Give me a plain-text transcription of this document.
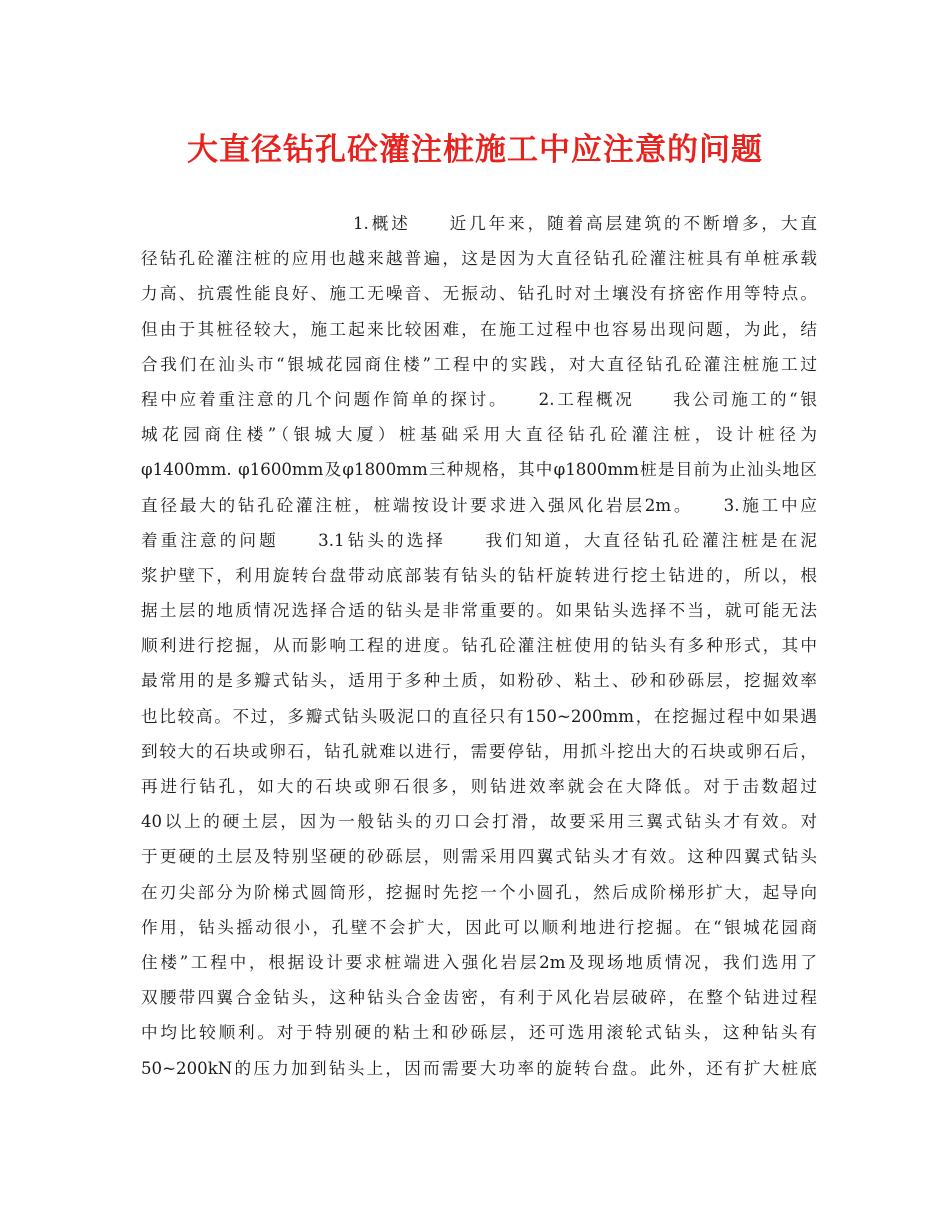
大直径钻孔砼灌注桩施工中应注意的问题
1.概述　　近几年来，随着高层建筑的不断增多，大直
径钻孔砼灌注桩的应用也越来越普遍，这是因为大直径钻孔砼灌注桩具有单桩承载
力高、抗震性能良好、施工无噪音、无振动、钻孔时对土壤没有挤密作用等特点。
但由于其桩径较大，施工起来比较困难，在施工过程中也容易出现问题，为此，结
合我们在汕头市“银城花园商住楼”工程中的实践，对大直径钻孔砼灌注桩施工过
程中应着重注意的几个问题作简单的探讨。　　2.工程概况　　我公司施工的“银
城花园商住楼”（银城大厦）桩基础采用大直径钻孔砼灌注桩，设计桩径为
φ1400mm. φ1600mm及φ1800mm三种规格，其中φ1800mm桩是目前为止汕头地区
直径最大的钻孔砼灌注桩，桩端按设计要求进入强风化岩层2m。　　3.施工中应
着重注意的问题　　3.1钻头的选择　　我们知道，大直径钻孔砼灌注桩是在泥
浆护壁下，利用旋转台盘带动底部装有钻头的钻杆旋转进行挖土钻进的，所以，根
据土层的地质情况选择合适的钻头是非常重要的。如果钻头选择不当，就可能无法
顺利进行挖掘，从而影响工程的进度。钻孔砼灌注桩使用的钻头有多种形式，其中
最常用的是多瓣式钻头，适用于多种土质，如粉砂、粘土、砂和砂砾层，挖掘效率
也比较高。不过，多瓣式钻头吸泥口的直径只有150~200mm，在挖掘过程中如果遇
到较大的石块或卵石，钻孔就难以进行，需要停钻，用抓斗挖出大的石块或卵石后，
再进行钻孔，如大的石块或卵石很多，则钻进效率就会在大降低。对于击数超过
40以上的硬土层，因为一般钻头的刃口会打滑，故要采用三翼式钻头才有效。对
于更硬的土层及特别坚硬的砂砾层，则需采用四翼式钻头才有效。这种四翼式钻头
在刃尖部分为阶梯式圆筒形，挖掘时先挖一个小圆孔，然后成阶梯形扩大，起导向
作用，钻头摇动很小，孔壁不会扩大，因此可以顺利地进行挖掘。在“银城花园商
住楼”工程中，根据设计要求桩端进入强化岩层2m及现场地质情况，我们选用了
双腰带四翼合金钻头，这种钻头合金齿密，有利于风化岩层破碎，在整个钻进过程
中均比较顺利。对于特别硬的粘土和砂砾层，还可选用滚轮式钻头，这种钻头有
50~200kN的压力加到钻头上，因而需要大功率的旋转台盘。此外，还有扩大桩底
